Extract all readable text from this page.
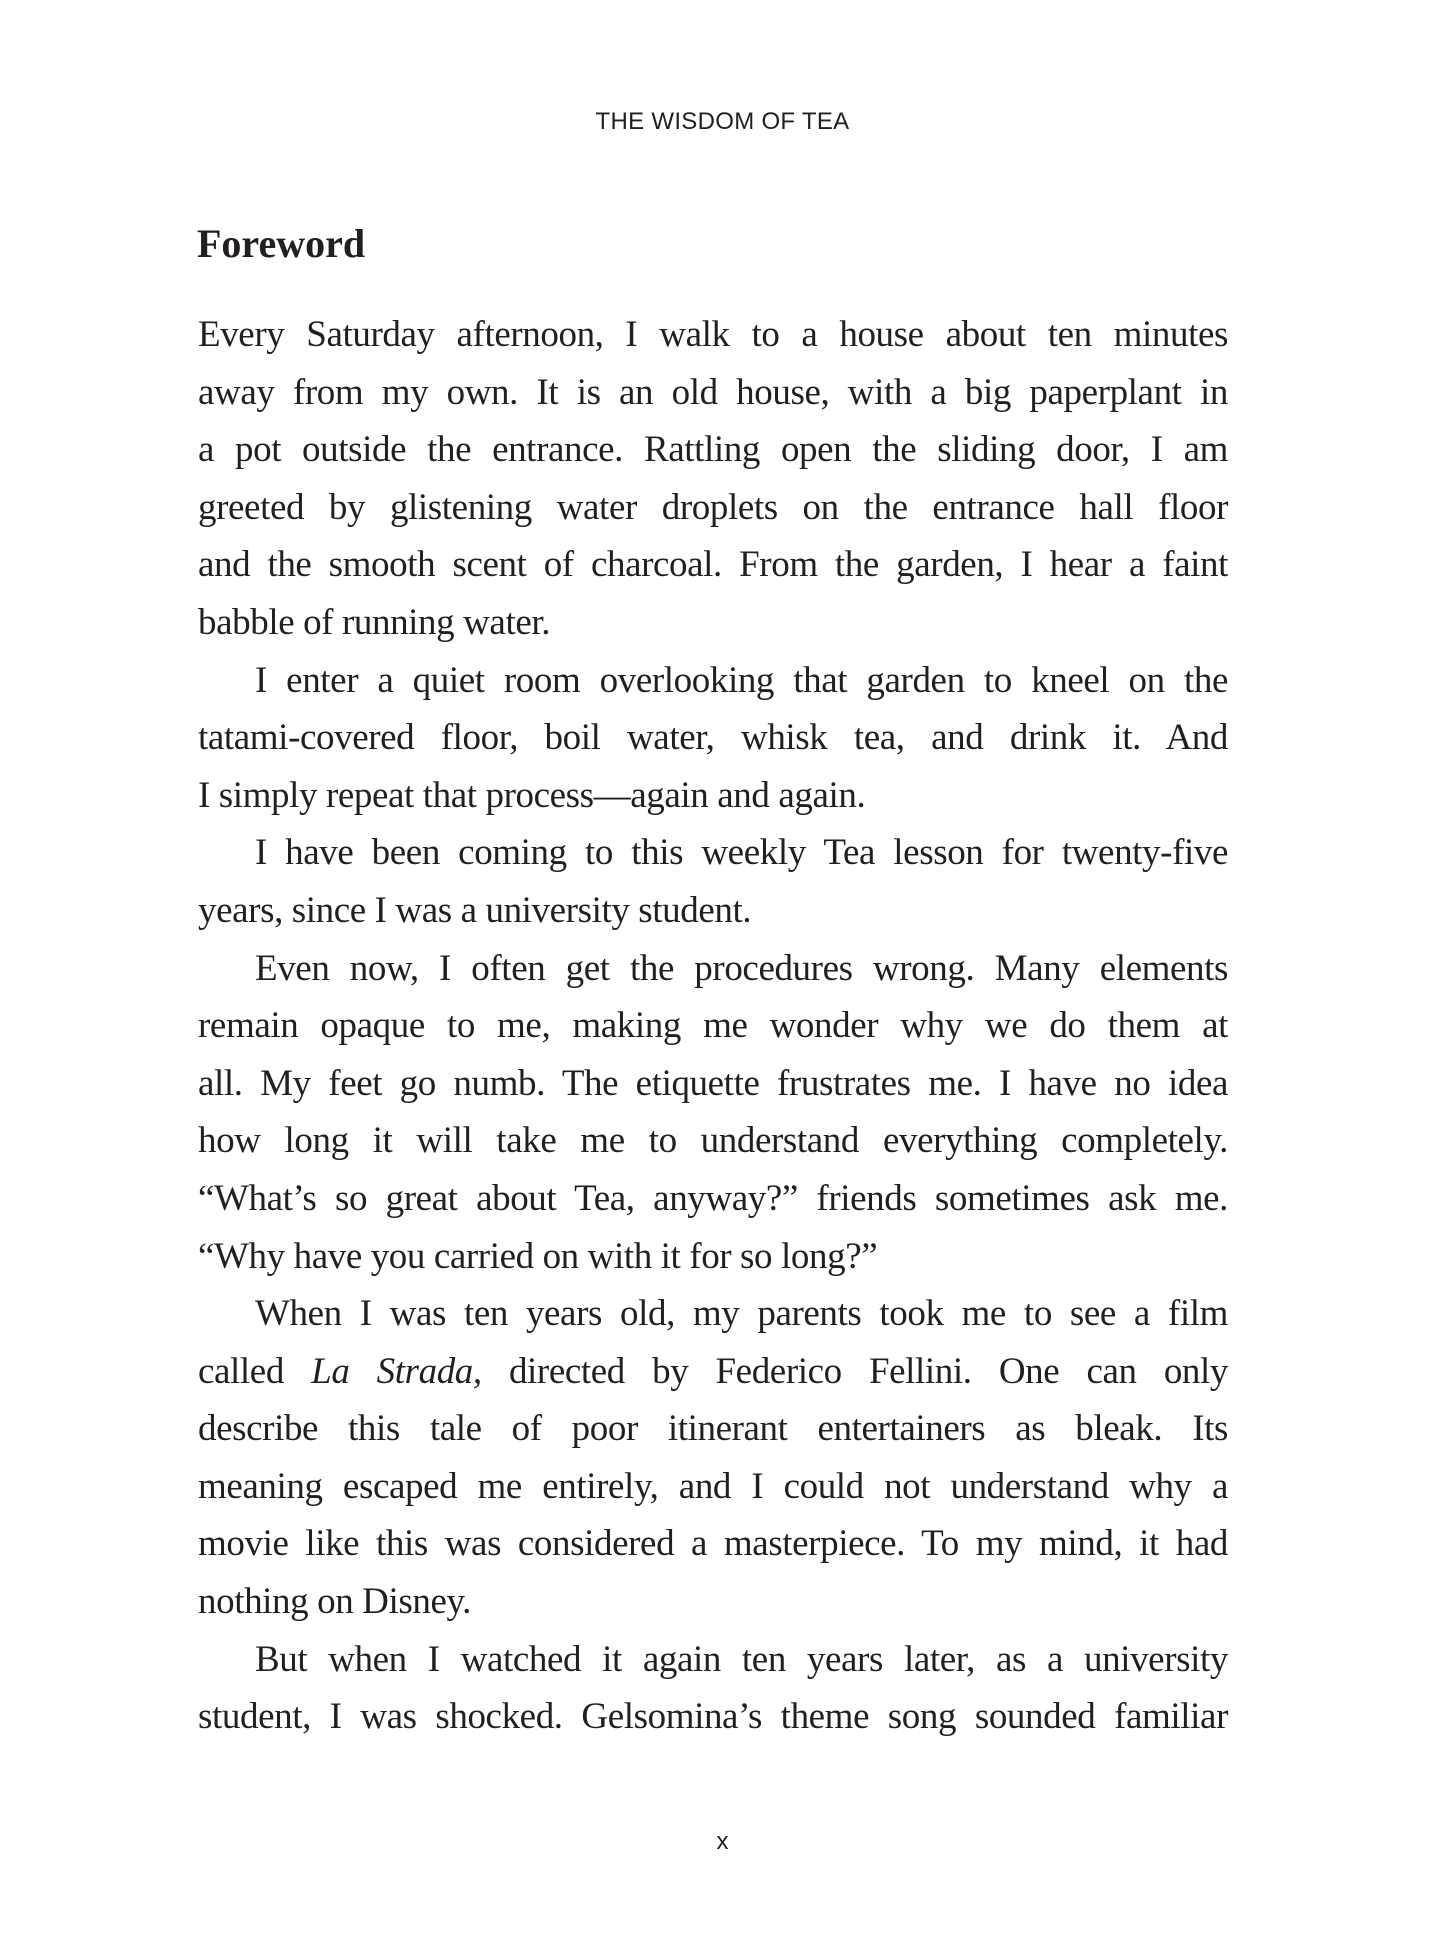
THE WISDOM OF TEA
Foreword
Every Saturday afternoon, I walk to a house about ten minutes
away from my own. It is an old house, with a big paperplant in
a pot outside the entrance. Rattling open the sliding door, I am
greeted by glistening water droplets on the entrance hall floor
and the smooth scent of charcoal. From the garden, I hear a faint
babble of running water.
I enter a quiet room overlooking that garden to kneel on the
tatami-covered floor, boil water, whisk tea, and drink it. And
I simply repeat that process—again and again.
I have been coming to this weekly Tea lesson for twenty-five
years, since I was a university student.
Even now, I often get the procedures wrong. Many elements
remain opaque to me, making me wonder why we do them at
all. My feet go numb. The etiquette frustrates me. I have no idea
how long it will take me to understand everything completely.
“What’s so great about Tea, anyway?” friends sometimes ask me.
“Why have you carried on with it for so long?”
When I was ten years old, my parents took me to see a film
called La Strada, directed by Federico Fellini. One can only
describe this tale of poor itinerant entertainers as bleak. Its
meaning escaped me entirely, and I could not understand why a
movie like this was considered a masterpiece. To my mind, it had
nothing on Disney.
But when I watched it again ten years later, as a university
student, I was shocked. Gelsomina’s theme song sounded familiar
x
